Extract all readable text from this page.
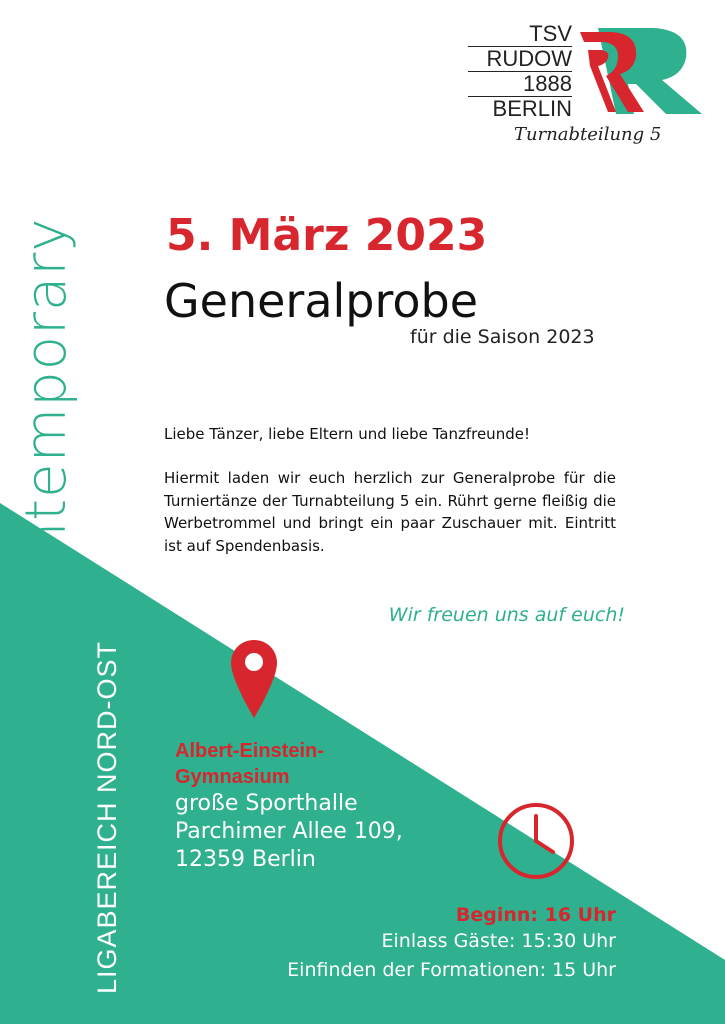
Jazz Modern Contemporary LIGABEREICH NORD-OST
TSV
RUDOW
1888
BERLIN
Turnabteilung 5
5. März 2023
Generalprobe
für die Saison 2023
Liebe Tänzer, liebe Eltern und liebe Tanzfreunde!
Hiermit laden wir euch herzlich zur Generalprobe für die Turniertänze der Turnabteilung 5 ein. Rührt gerne fleißig die Werbetrommel und bringt ein paar Zuschauer mit. Eintritt ist auf Spendenbasis.
Wir freuen uns auf euch!
Albert-Einstein-
Gymnasium
große Sporthalle
Parchimer Allee 109,
12359 Berlin
Beginn: 16 Uhr
Einlass Gäste: 15:30 Uhr
Einfinden der Formationen: 15 Uhr
